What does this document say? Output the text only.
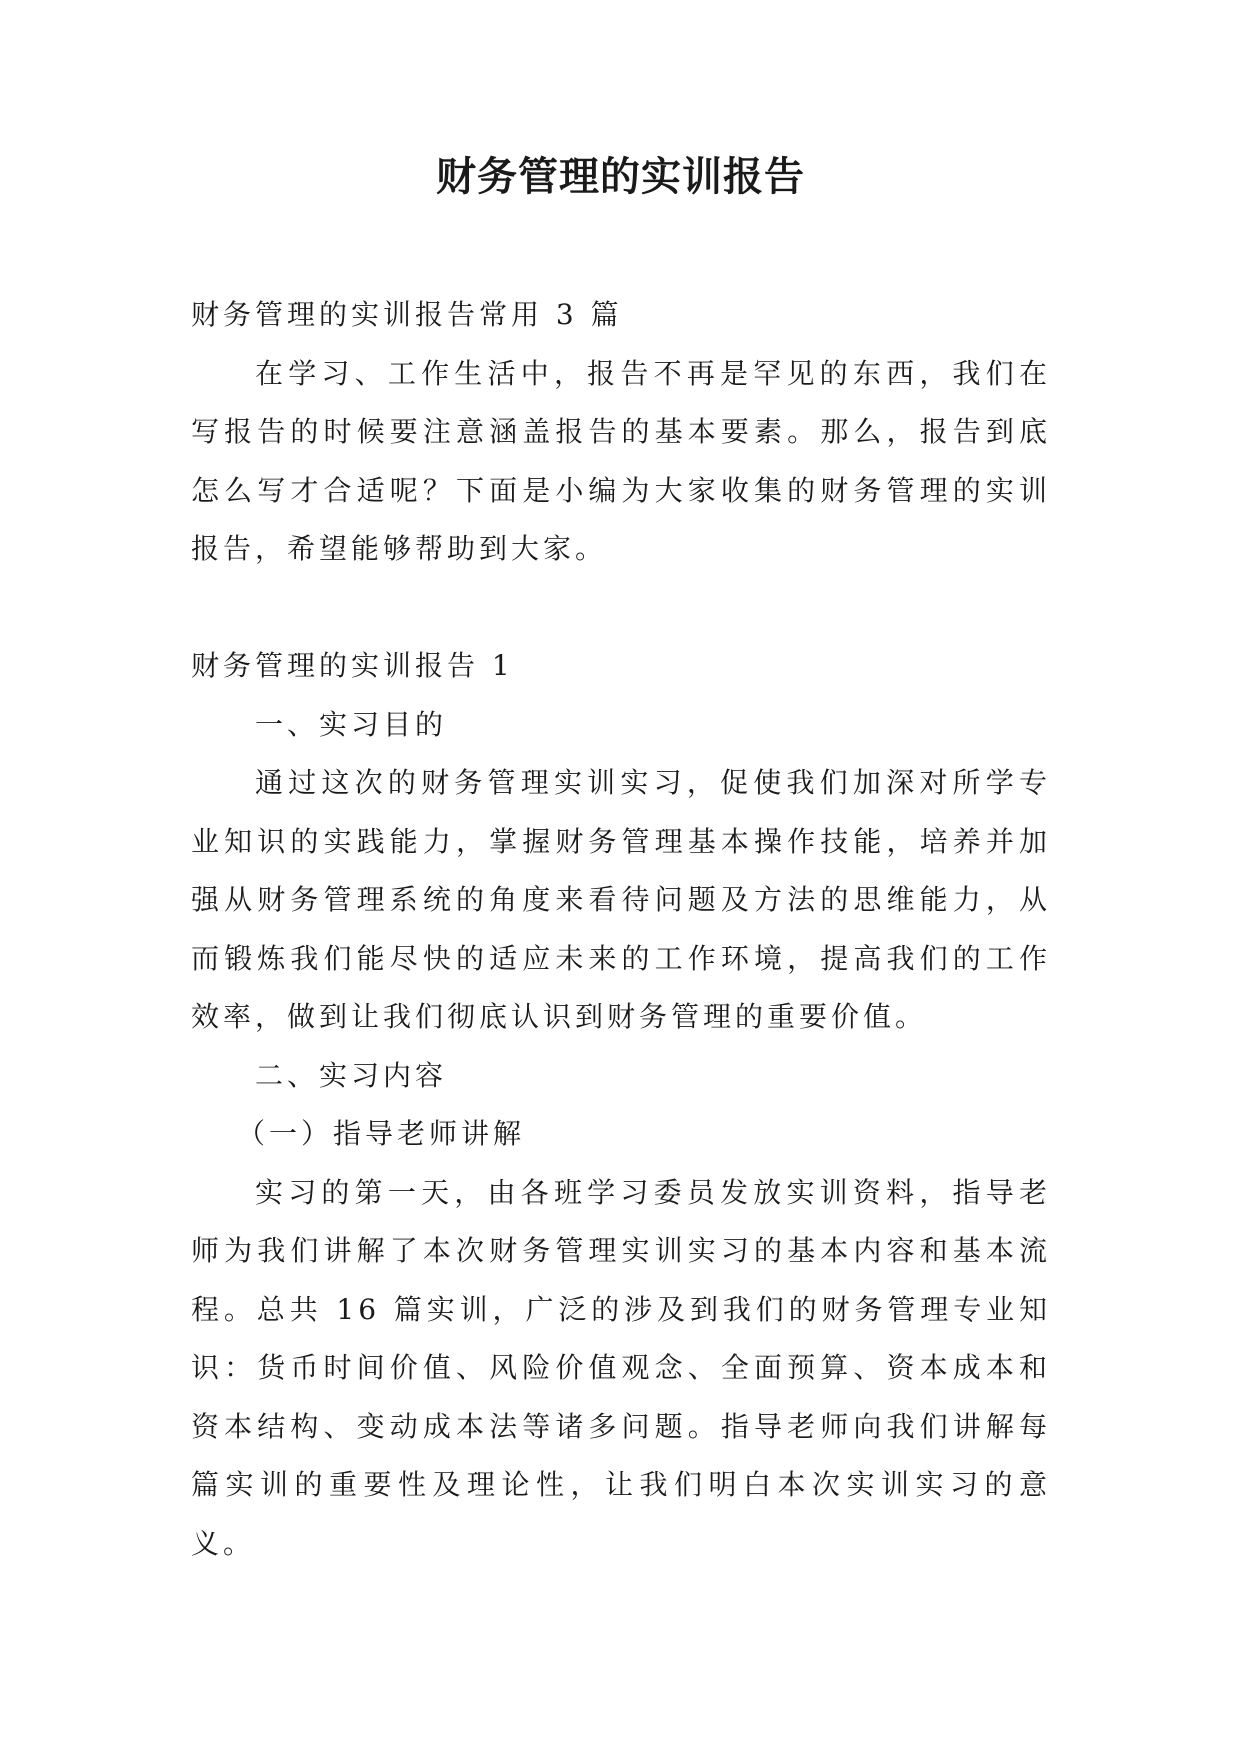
财务管理的实训报告

财务管理的实训报告常用 3 篇

在学习、工作生活中，报告不再是罕见的东西，我们在写报告的时候要注意涵盖报告的基本要素。那么，报告到底怎么写才合适呢？下面是小编为大家收集的财务管理的实训报告，希望能够帮助到大家。

财务管理的实训报告 1

一、实习目的

通过这次的财务管理实训实习，促使我们加深对所学专业知识的实践能力，掌握财务管理基本操作技能，培养并加强从财务管理系统的角度来看待问题及方法的思维能力，从而锻炼我们能尽快的适应未来的工作环境，提高我们的工作效率，做到让我们彻底认识到财务管理的重要价值。

二、实习内容

（一）指导老师讲解

实习的第一天，由各班学习委员发放实训资料，指导老师为我们讲解了本次财务管理实训实习的基本内容和基本流程。总共 16 篇实训，广泛的涉及到我们的财务管理专业知识：货币时间价值、风险价值观念、全面预算、资本成本和资本结构、变动成本法等诸多问题。指导老师向我们讲解每篇实训的重要性及理论性，让我们明白本次实训实习的意义。
